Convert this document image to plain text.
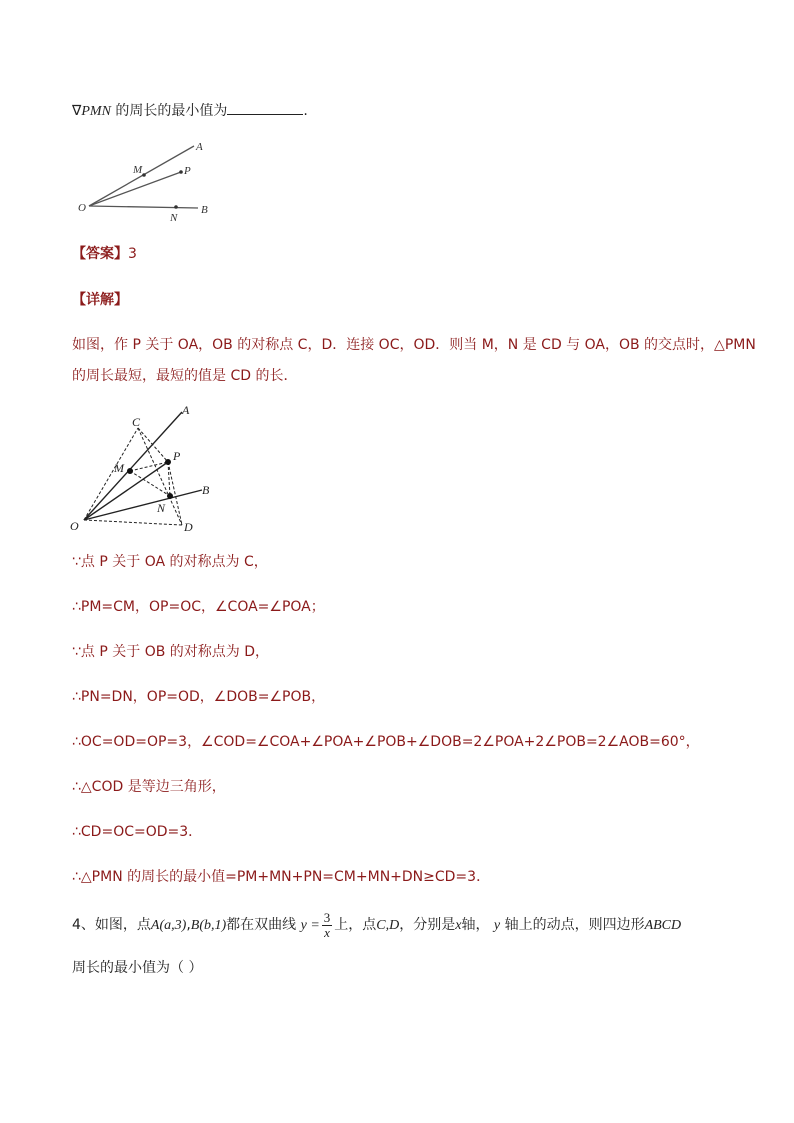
∇PMN 的周长的最小值为	.
A
P
M
O
N
B
【答案】3
【详解】
如图，作 P 关于 OA，OB 的对称点 C，D．连接 OC，OD．则当 M，N 是 CD 与 OA，OB 的交点时，△PMN
的周长最短，最短的值是 CD 的长．
C
A
P
M
B
N
O	D
∵点 P 关于 OA 的对称点为 C，
∴PM=CM，OP=OC，∠COA=∠POA；
∵点 P 关于 OB 的对称点为 D，
∴PN=DN，OP=OD，∠DOB=∠POB，
∴OC=OD=OP=3，∠COD=∠COA+∠POA+∠POB+∠DOB=2∠POA+2∠POB=2∠AOB=60°，
∴△COD 是等边三角形，
∴CD=OC=OD=3．
∴△PMN 的周长的最小值=PM+MN+PN=CM+MN+DN≥CD=3．
4、如图，点A(a,3),B(b,1)都在双曲线 $y = \frac{3}{x}$ 上，点C,D，分别是x轴， y 轴上的动点，则四边形ABCD
周长的最小值为（ ）
